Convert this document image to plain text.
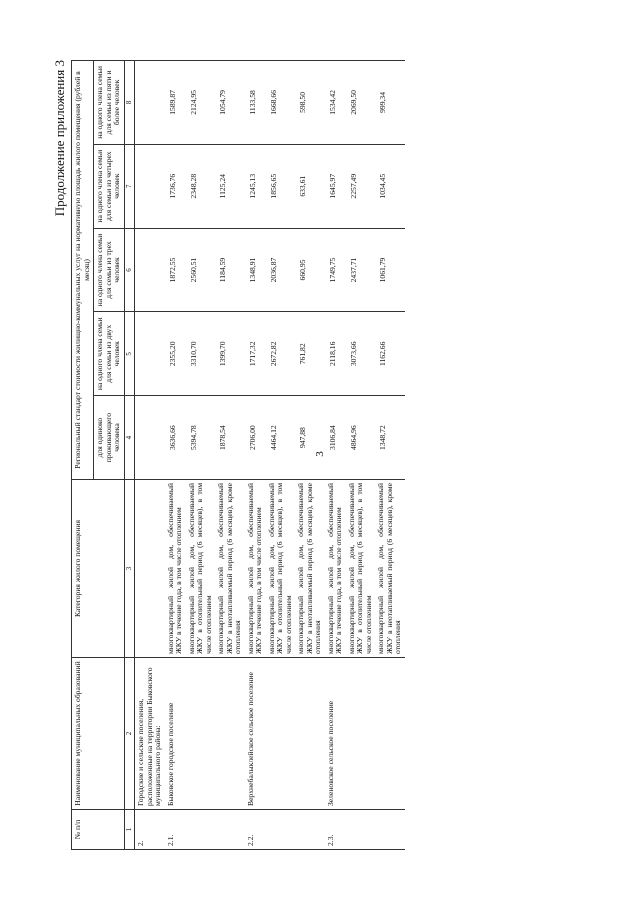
3
Продолжение приложения 3
№ п/п	Наименование муниципальных образований	Категория жилого помещения	Региональный стандарт стоимости жилищно-коммунальных услуг на нормативную площадь жилого помещения (рублей в месяц)				
			для одиноко проживающего человека	на одного члена семьи для семьи из двух человек	на одного члена семьи для семьи из трех человек	на одного члена семьи для семьи из четырех человек	на одного члена семьи для семьи из пяти и более человек
1	2	3	4	5	6	7	8
2.	Городские и сельские поселения, расположенные на территории Быковского муниципального района:						
2.1.	Быковское городское поселение	многоквартирный жилой дом, обеспечиваемый ЖКУ в течение года, в том числе отоплением	3636,66	2355,20	1872,55	1736,76	1589,87
		многоквартирный жилой дом, обеспечиваемый ЖКУ в отопительный период (6 месяцев), в том числе отоплением	5394,78	3310,70	2560,51	2348,28	2124,95
		многоквартирный жилой дом, обеспечиваемый ЖКУ в неотапливаемый период (6 месяцев), кроме отопления	1878,54	1399,70	1184,59	1125,24	1054,79
2.2.	Верхнебалыклейское сельское поселение	многоквартирный жилой дом, обеспечиваемый ЖКУ в течение года, в том числе отоплением	2706,00	1717,32	1348,91	1245,13	1133,58
		многоквартирный жилой дом, обеспечиваемый ЖКУ в отопительный период (6 месяцев), в том числе отоплением	4464,12	2672,82	2036,87	1856,65	1668,66
		многоквартирный жилой дом, обеспечиваемый ЖКУ в неотапливаемый период (6 месяцев), кроме отопления	947,88	761,82	660,95	633,61	598,50
2.3.	Зеленовское сельское поселение	многоквартирный жилой дом, обеспечиваемый ЖКУ в течение года, в том числе отоплением	3106,84	2118,16	1749,75	1645,97	1534,42
		многоквартирный жилой дом, обеспечиваемый ЖКУ в отопительный период (6 месяцев), в том числе отоплением	4864,96	3073,66	2437,71	2257,49	2069,50
		многоквартирный жилой дом, обеспечиваемый ЖКУ в неотапливаемый период (6 месяцев), кроме отопления	1348,72	1162,66	1061,79	1034,45	999,34
